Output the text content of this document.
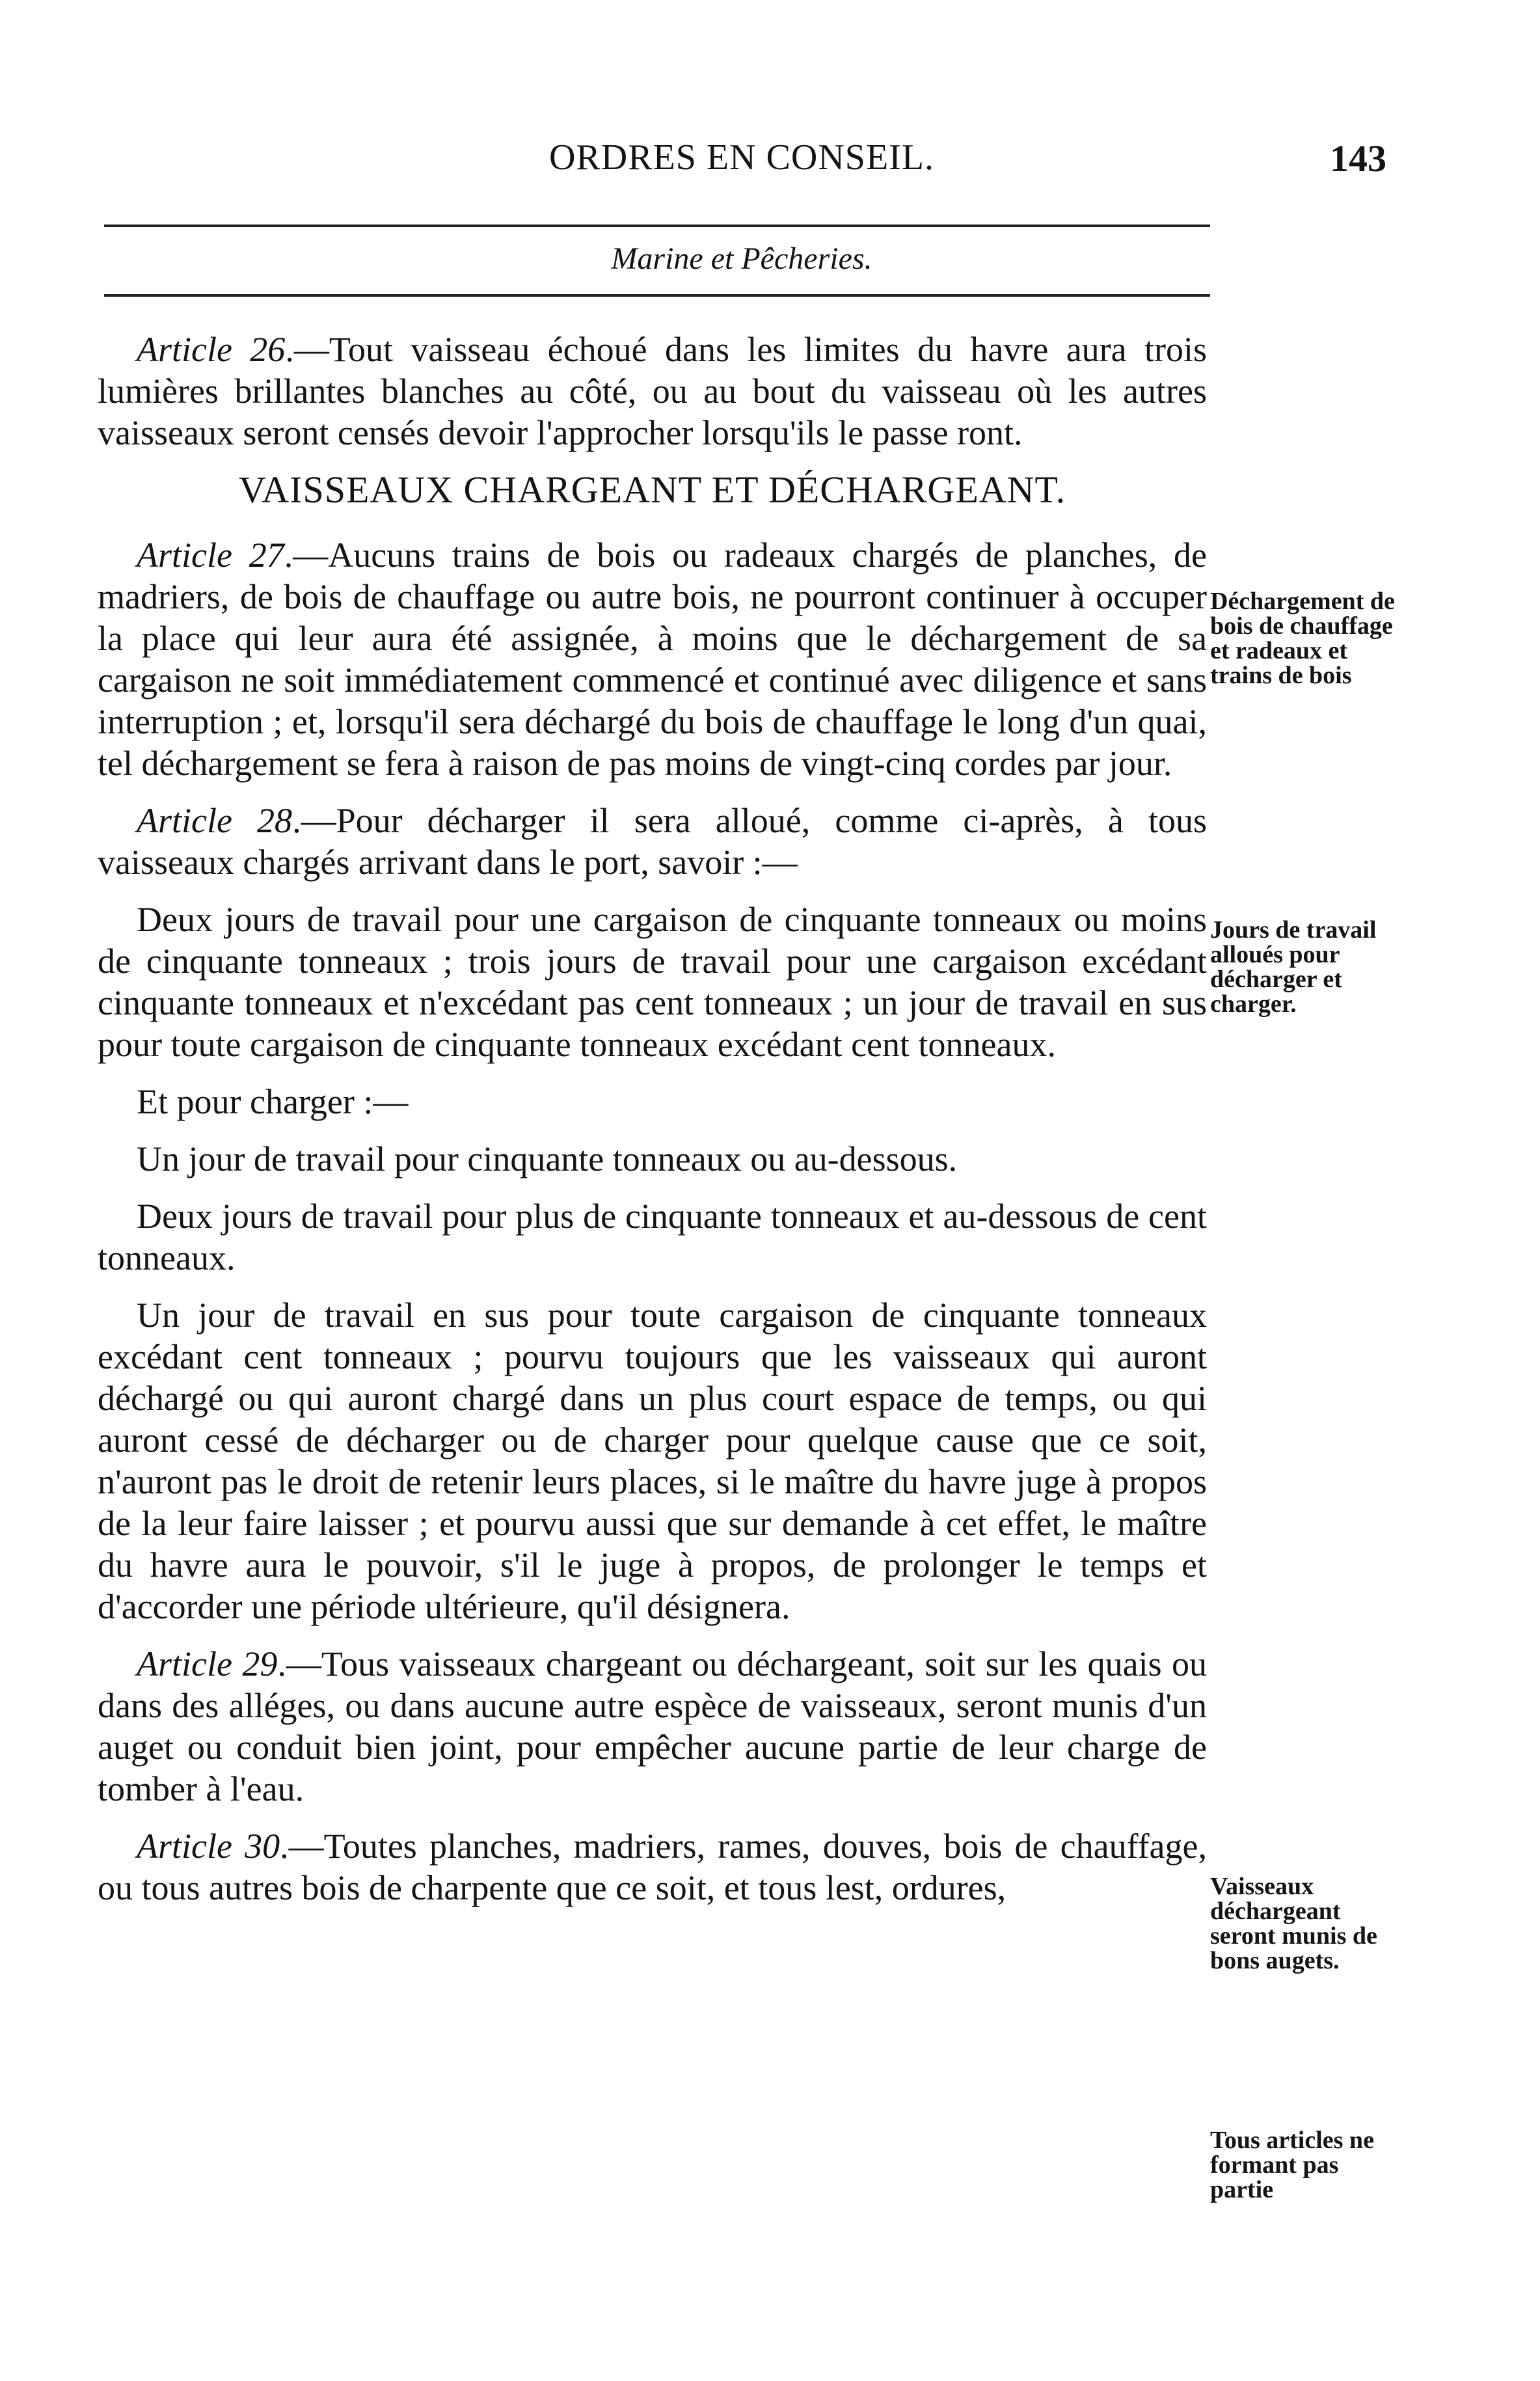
ORDRES EN CONSEIL.	143
Marine et Pêcheries.

Article 26.—Tout vaisseau échoué dans les limites du havre aura trois lumières brillantes blanches au côté, ou au bout du vaisseau où les autres vaisseaux seront censés devoir l'approcher lorsqu'ils le passe ront.

VAISSEAUX CHARGEANT ET DÉCHARGEANT.

Article 27.—Aucuns trains de bois ou radeaux chargés de planches, de madriers, de bois de chauffage ou autre bois, ne pourront continuer à occuper la place qui leur aura été assignée, à moins que le déchargement de sa cargaison ne soit immédiatement commencé et continué avec diligence et sans interruption ; et, lorsqu'il sera déchargé du bois de chauffage le long d'un quai, tel déchargement se fera à raison de pas moins de vingt-cinq cordes par jour.

Article 28.—Pour décharger il sera alloué, comme ci-après, à tous vaisseaux chargés arrivant dans le port, savoir :—

Deux jours de travail pour une cargaison de cinquante tonneaux ou moins de cinquante tonneaux ; trois jours de travail pour une cargaison excédant cinquante tonneaux et n'excédant pas cent tonneaux ; un jour de travail en sus pour toute cargaison de cinquante tonneaux excédant cent tonneaux.

Et pour charger :—

Un jour de travail pour cinquante tonneaux ou au-dessous.

Deux jours de travail pour plus de cinquante tonneaux et au-dessous de cent tonneaux.

Un jour de travail en sus pour toute cargaison de cinquante tonneaux excédant cent tonneaux ; pourvu toujours que les vaisseaux qui auront déchargé ou qui auront chargé dans un plus court espace de temps, ou qui auront cessé de décharger ou de charger pour quelque cause que ce soit, n'auront pas le droit de retenir leurs places, si le maître du havre juge à propos de la leur faire laisser ; et pourvu aussi que sur demande à cet effet, le maître du havre aura le pouvoir, s'il le juge à propos, de prolonger le temps et d'accorder une période ultérieure, qu'il désignera.

Article 29.—Tous vaisseaux chargeant ou déchargeant, soit sur les quais ou dans des alléges, ou dans aucune autre espèce de vaisseaux, seront munis d'un auget ou conduit bien joint, pour empêcher aucune partie de leur charge de tomber à l'eau.

Article 30.—Toutes planches, madriers, rames, douves, bois de chauffage, ou tous autres bois de charpente que ce soit, et tous lest, ordures,

Déchargement de bois de chauffage et radeaux et trains de bois
Jours de travail alloués pour décharger et charger.
Vaisseaux déchargeant seront munis de bons augets.
Tous articles ne formant pas partie
